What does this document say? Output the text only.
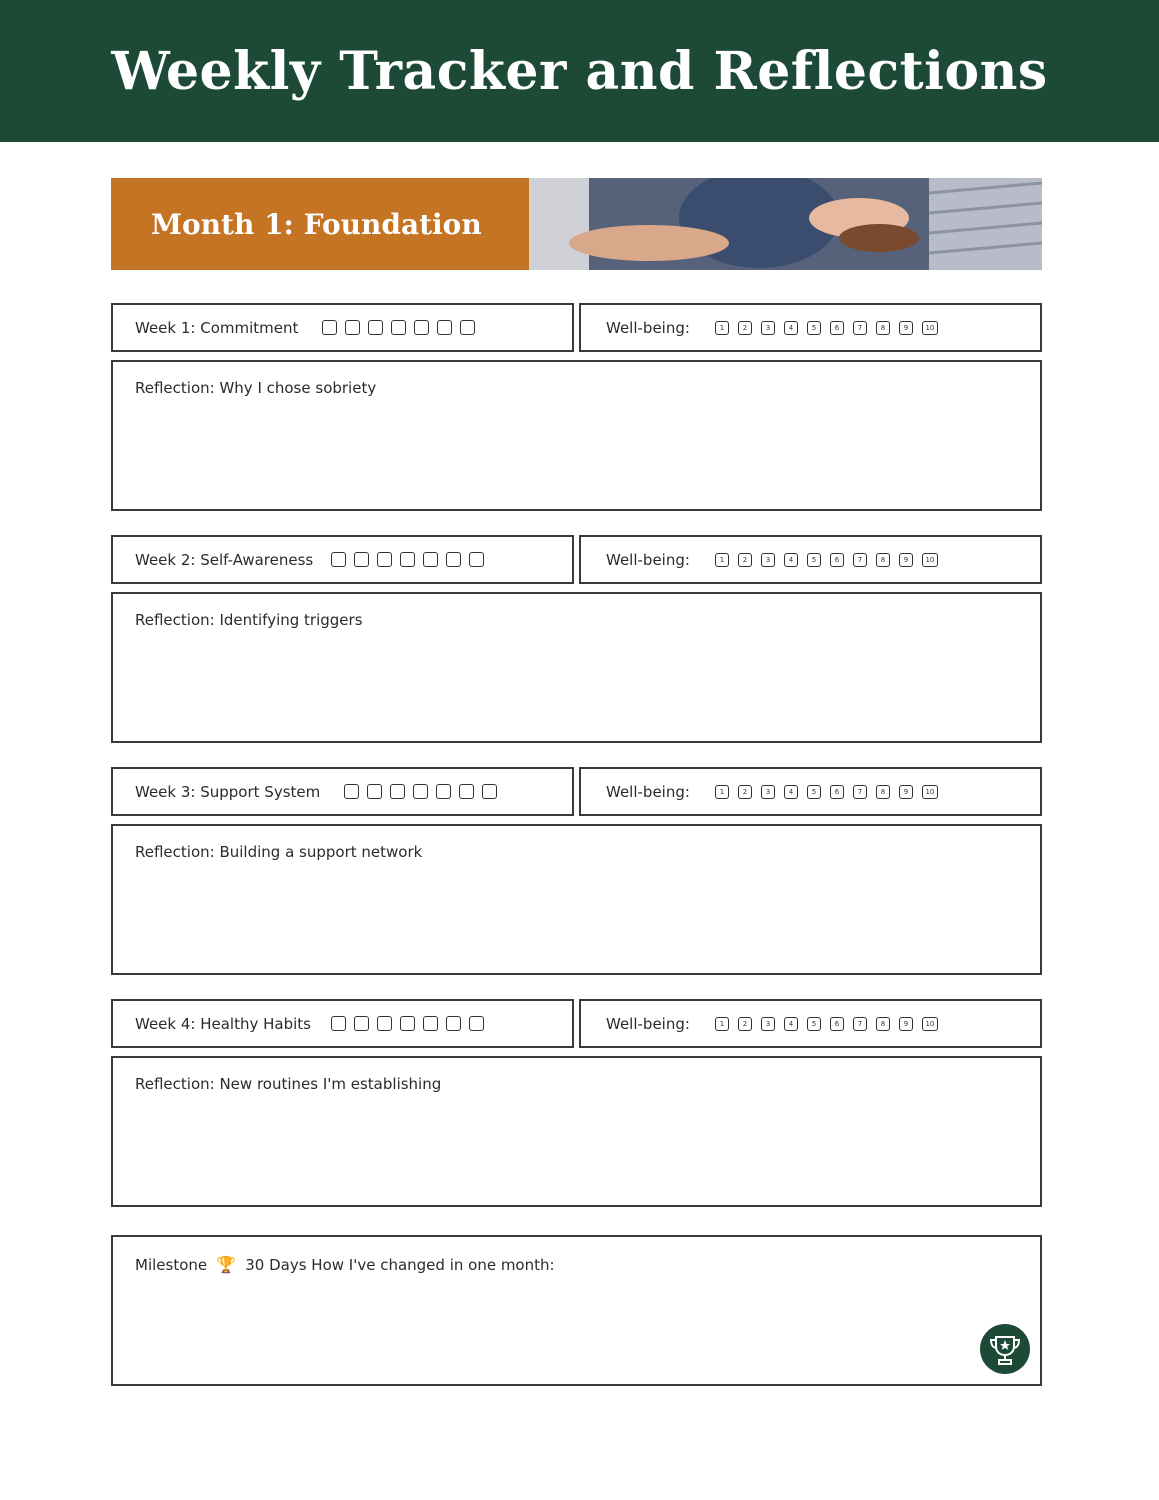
Weekly Tracker and Reflections
Month 1: Foundation
Week 1: Commitment	Well-being:	1	2	3	4	5	6	7	8	9	10
Reflection: Why I chose sobriety
Week 2: Self-Awareness	Well-being:	1	2	3	4	5	6	7	8	9	10
Reflection: Identifying triggers
Week 3: Support System	Well-being:	1	2	3	4	5	6	7	8	9	10
Reflection: Building a support network
Week 4: Healthy Habits	Well-being:	1	2	3	4	5	6	7	8	9	10
Reflection: New routines I'm establishing
Milestone 🏆 30 Days How I've changed in one month:
